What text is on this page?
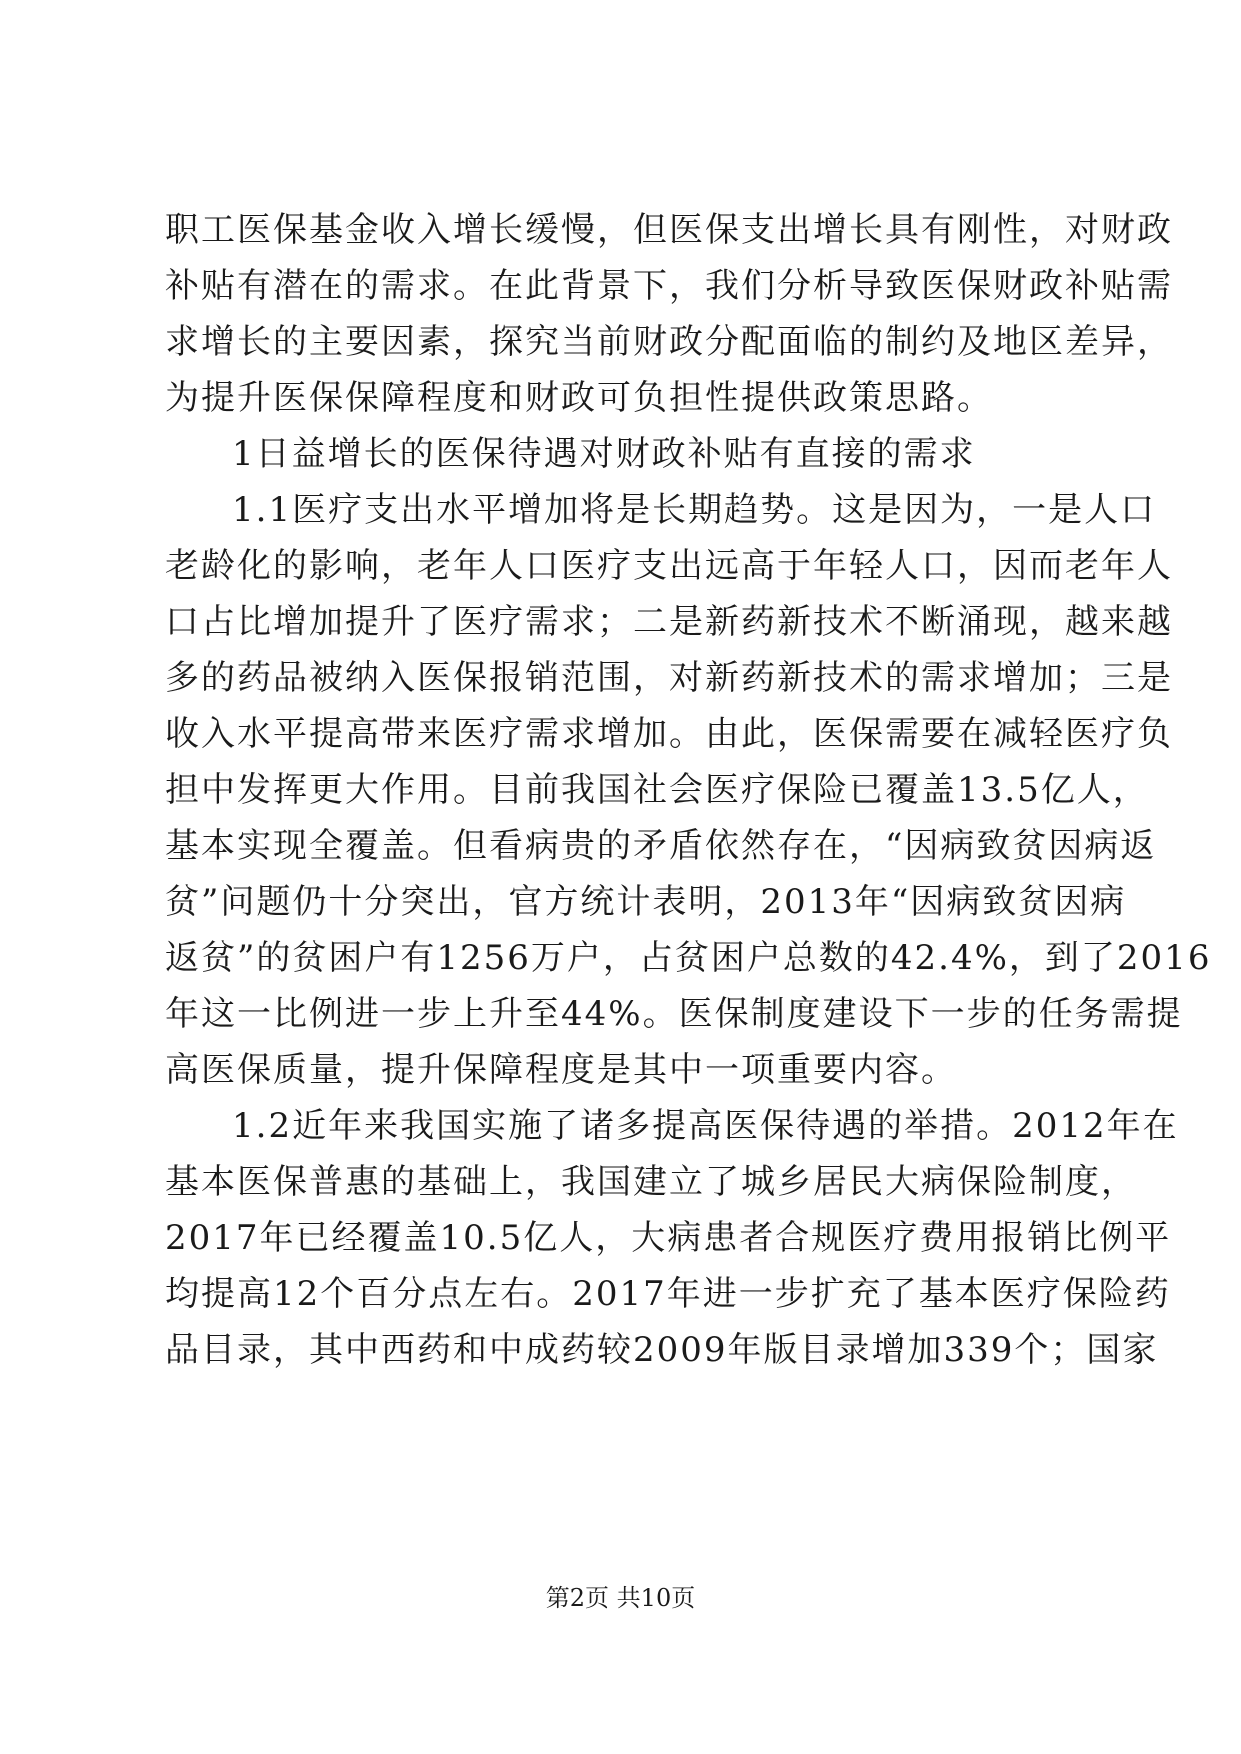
职工医保基金收入增长缓慢，但医保支出增长具有刚性，对财政
补贴有潜在的需求。在此背景下，我们分析导致医保财政补贴需
求增长的主要因素，探究当前财政分配面临的制约及地区差异，
为提升医保保障程度和财政可负担性提供政策思路。
1日益增长的医保待遇对财政补贴有直接的需求
1.1医疗支出水平增加将是长期趋势。这是因为，一是人口
老龄化的影响，老年人口医疗支出远高于年轻人口，因而老年人
口占比增加提升了医疗需求；二是新药新技术不断涌现，越来越
多的药品被纳入医保报销范围，对新药新技术的需求增加；三是
收入水平提高带来医疗需求增加。由此，医保需要在减轻医疗负
担中发挥更大作用。目前我国社会医疗保险已覆盖13.5亿人，
基本实现全覆盖。但看病贵的矛盾依然存在，“因病致贫因病返
贫”问题仍十分突出，官方统计表明，2013年“因病致贫因病
返贫”的贫困户有1256万户，占贫困户总数的42.4%，到了2016
年这一比例进一步上升至44%。医保制度建设下一步的任务需提
高医保质量，提升保障程度是其中一项重要内容。
1.2近年来我国实施了诸多提高医保待遇的举措。2012年在
基本医保普惠的基础上，我国建立了城乡居民大病保险制度，
2017年已经覆盖10.5亿人，大病患者合规医疗费用报销比例平
均提高12个百分点左右。2017年进一步扩充了基本医疗保险药
品目录，其中西药和中成药较2009年版目录增加339个；国家
第2页 共10页
